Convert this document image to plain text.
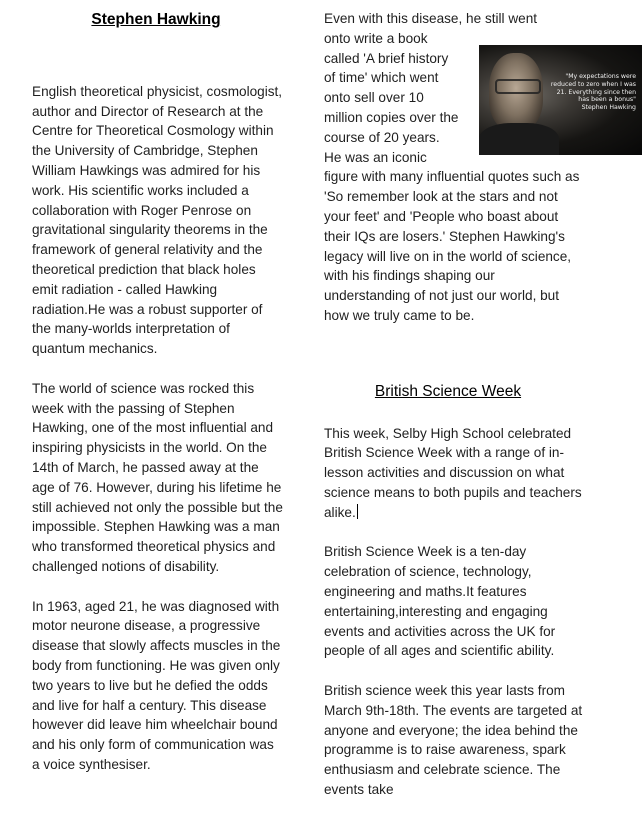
Stephen Hawking

English theoretical physicist, cosmologist, author and Director of Research at the Centre for Theoretical Cosmology within the University of Cambridge, Stephen William Hawkings was admired for his work. His scientific works included a collaboration with Roger Penrose on gravitational singularity theorems in the framework of general relativity and the theoretical prediction that black holes emit radiation - called Hawking radiation.He was a robust supporter of the many-worlds interpretation of quantum mechanics.

The world of science was rocked this week with the passing of Stephen Hawking, one of the most influential and inspiring physicists in the world. On the 14th of March, he passed away at the age of 76. However, during his lifetime he still achieved not only the possible but the impossible. Stephen Hawking was a man who transformed theoretical physics and challenged notions of disability.

In 1963, aged 21, he was diagnosed with motor neurone disease, a progressive disease that slowly affects muscles in the body from functioning. He was given only two years to live but he defied the odds and live for half a century. This disease however did leave him wheelchair bound and his only form of communication was a voice synthesiser.

Even with this disease, he still went
onto write a book
called 'A brief history
of time' which went
onto sell over 10
million copies over the
course of 20 years.
He was an iconic

figure with many influential quotes such as 'So remember look at the stars and not your feet' and 'People who boast about their IQs are losers.' Stephen Hawking's legacy will live on in the world of science, with his findings shaping our understanding of not just our world, but how we truly came to be.

British Science Week

This week, Selby High School celebrated British Science Week with a range of in-lesson activities and discussion on what science means to both pupils and teachers alike.

British Science Week is a ten-day celebration of science, technology, engineering and maths.It features entertaining,interesting and engaging events and activities across the UK for people of all ages and scientific ability.

British science week this year lasts from March 9th-18th. The events are targeted at anyone and everyone; the idea behind the programme is to raise awareness, spark enthusiasm and celebrate science. The events take

"My expectations were reduced to zero when I was 21. Everything since then has been a bonus"
Stephen Hawking
